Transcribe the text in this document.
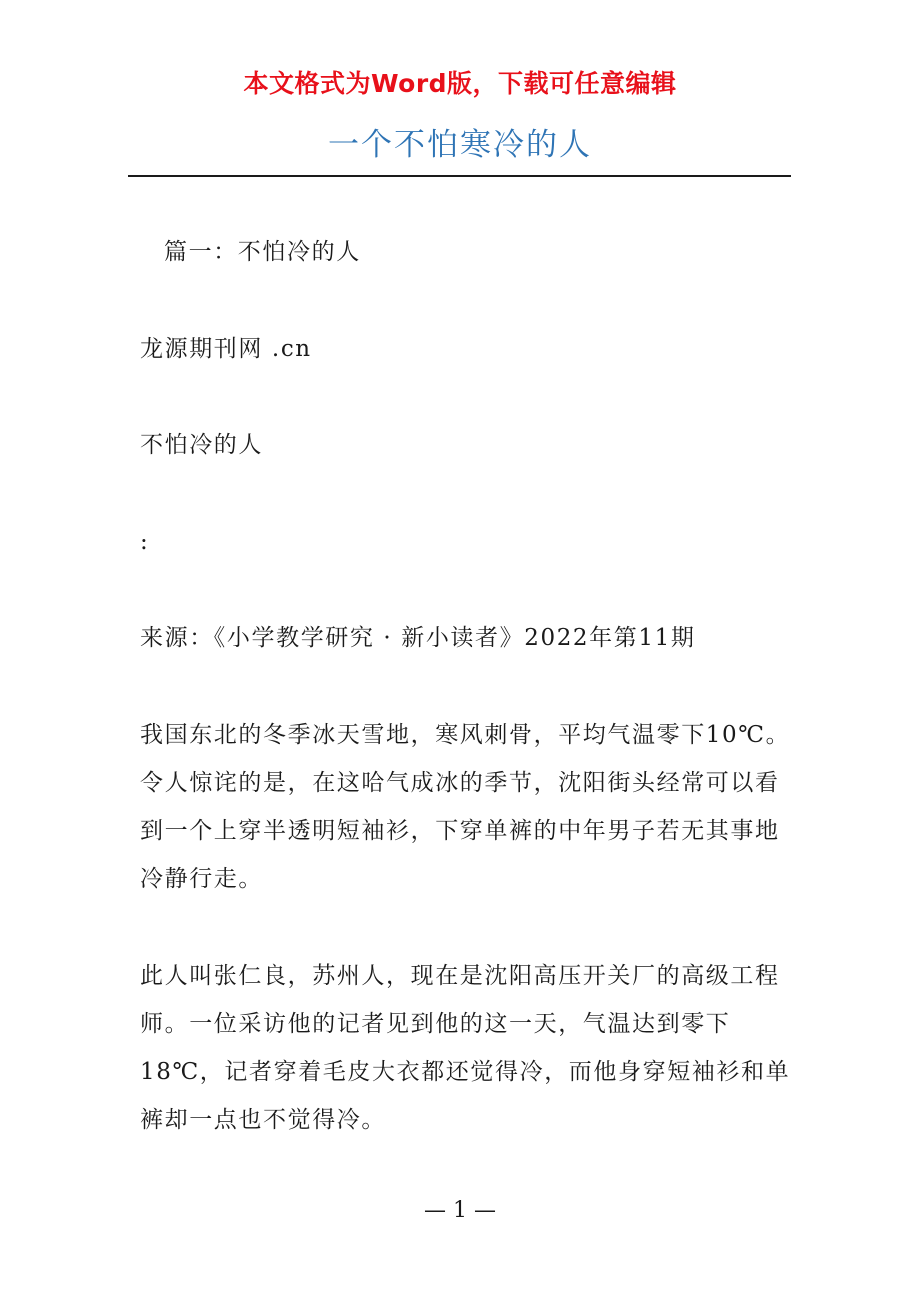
本文格式为Word版，下载可任意编辑
一个不怕寒冷的人

篇一：不怕冷的人

龙源期刊网 .cn

不怕冷的人

:

来源：《小学教学研究 · 新小读者》2022年第11期

我国东北的冬季冰天雪地，寒风刺骨，平均气温零下10℃。令人惊诧的是，在这哈气成冰的季节，沈阳街头经常可以看到一个上穿半透明短袖衫，下穿单裤的中年男子若无其事地冷静行走。

此人叫张仁良，苏州人，现在是沈阳高压开关厂的高级工程师。一位采访他的记者见到他的这一天，气温达到零下18℃，记者穿着毛皮大衣都还觉得冷，而他身穿短袖衫和单裤却一点也不觉得冷。

— 1 —
